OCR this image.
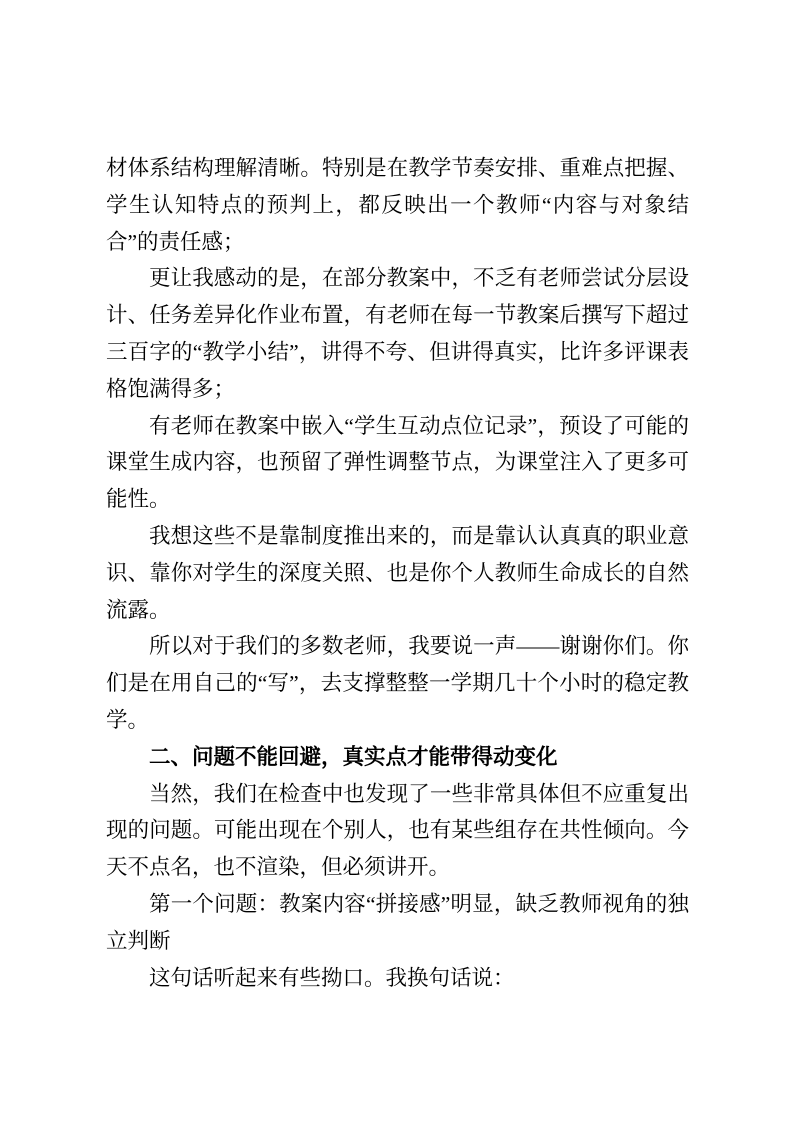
材体系结构理解清晰。特别是在教学节奏安排、重难点把握、学生认知特点的预判上，都反映出一个教师“内容与对象结合”的责任感；

更让我感动的是，在部分教案中，不乏有老师尝试分层设计、任务差异化作业布置，有老师在每一节教案后撰写下超过三百字的“教学小结”，讲得不夸、但讲得真实，比许多评课表格饱满得多；

有老师在教案中嵌入“学生互动点位记录”，预设了可能的课堂生成内容，也预留了弹性调整节点，为课堂注入了更多可能性。

我想这些不是靠制度推出来的，而是靠认认真真的职业意识、靠你对学生的深度关照、也是你个人教师生命成长的自然流露。

所以对于我们的多数老师，我要说一声——谢谢你们。你们是在用自己的“写”，去支撑整整一学期几十个小时的稳定教学。

二、问题不能回避，真实点才能带得动变化

当然，我们在检查中也发现了一些非常具体但不应重复出现的问题。可能出现在个别人，也有某些组存在共性倾向。今天不点名，也不渲染，但必须讲开。

第一个问题：教案内容“拼接感”明显，缺乏教师视角的独立判断

这句话听起来有些拗口。我换句话说：
